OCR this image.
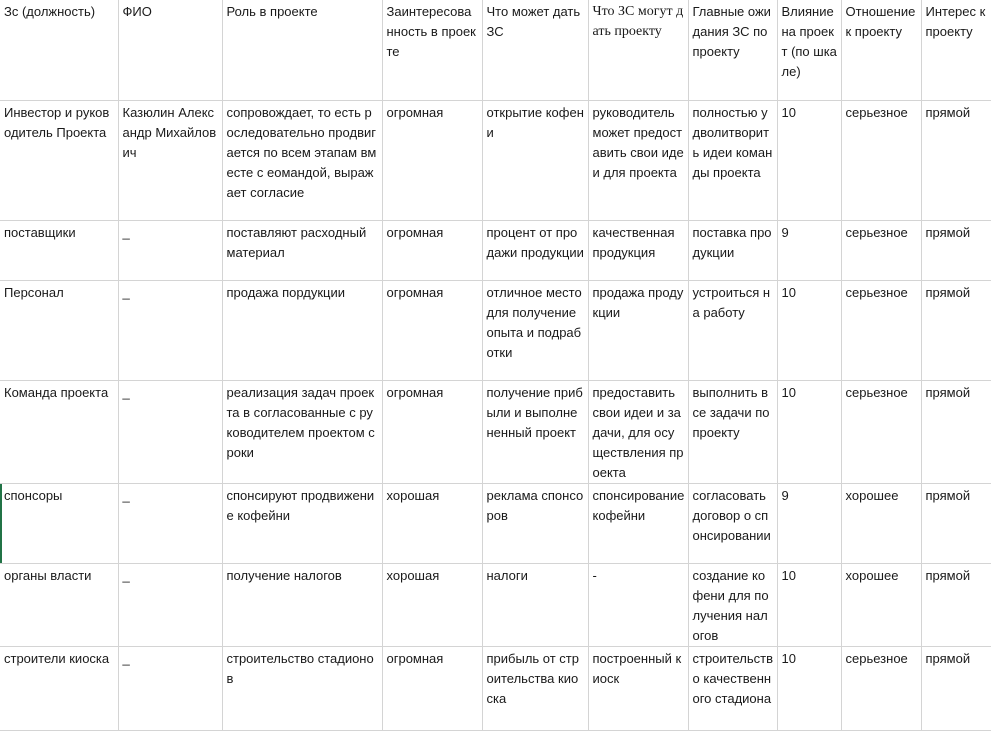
Зс (должность)	ФИО	Роль в проекте	Заинтересованность в проекте	Что может дать ЗС	Что ЗС могут дать проекту	Главные ожидания ЗС по проекту	Влияние на проект (по шкале)	Отношение к проекту	Интерес к проекту
Инвестор и руководитель Проекта	Казюлин Александр Михайлович	сопровождает, то есть роследовательно продвигается по всем этапам вместе с еомандой, выражает согласие	огромная	открытие кофени	руководитель может предоставить свои идеи для проекта	полностью удволитворить идеи команды проекта	10	серьезное	прямой
поставщики	_	поставляют расходный материал	огромная	процент от продажи продукции	качественная продукция	поставка продукции	9	серьезное	прямой
Персонал	_	продажа пордукции	огромная	отличное место для получение опыта и подработки	продажа продукции	устроиться на работу	10	серьезное	прямой
Команда проекта	_	реализация задач проекта в согласованные с руководителем проектом сроки	огромная	получение прибыли и выполнененный проект	предоставить свои идеи и задачи, для осуществления проекта	выполнить все задачи по проекту	10	серьезное	прямой
спонсоры	_	спонсируют продвижение кофейни	хорошая	реклама спонсоров	спонсирование кофейни	согласовать договор о спонсировании	9	хорошее	прямой
органы власти	_	получение налогов	хорошая	налоги	-	создание кофени для получения налогов	10	хорошее	прямой
строители киоска	_	строительство стадионов	огромная	прибыль от строительства киоска	построенный киоск	строительство качественного стадиона	10	серьезное	прямой
